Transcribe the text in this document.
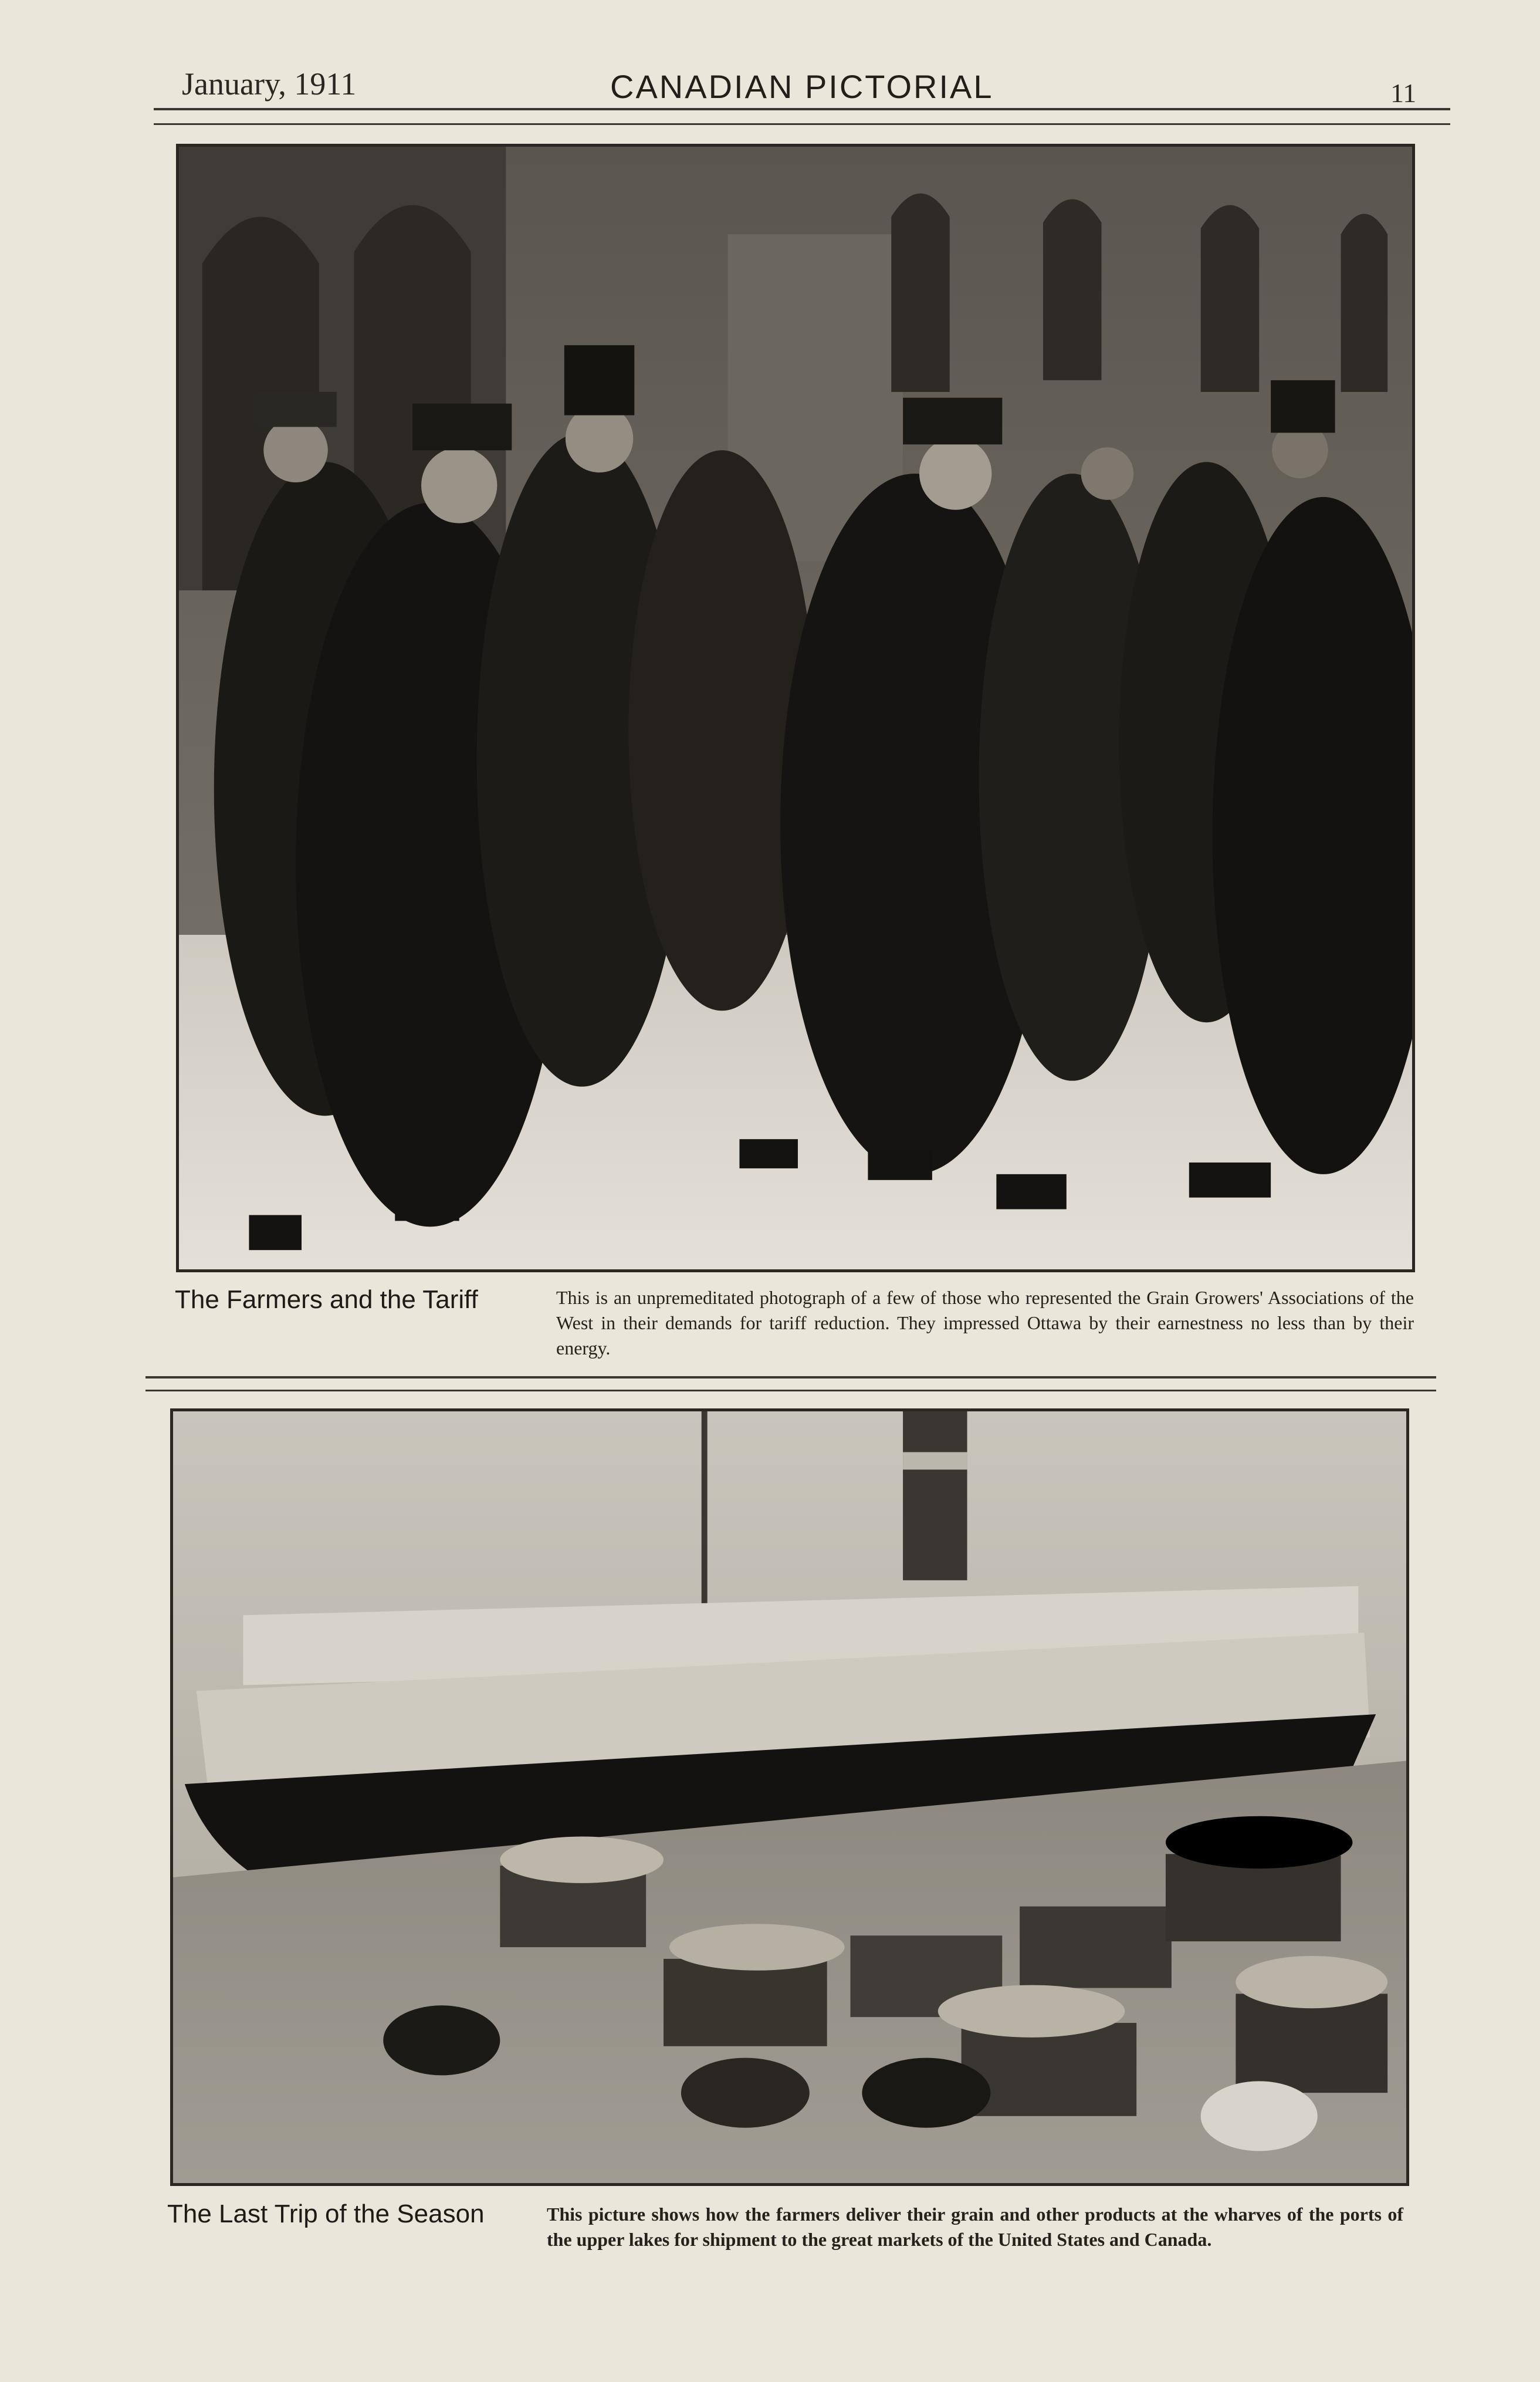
January, 1911	CANADIAN PICTORIAL	11
The Farmers and the Tariff	This is an unpremeditated photograph of a few of those who represented the Grain Growers' Associations of the West in their demands for tariff reduction. They impressed Ottawa by their earnestness no less than by their energy.
The Last Trip of the Season	This picture shows how the farmers deliver their grain and other products at the wharves of the ports of the upper lakes for shipment to the great markets of the United States and Canada.
